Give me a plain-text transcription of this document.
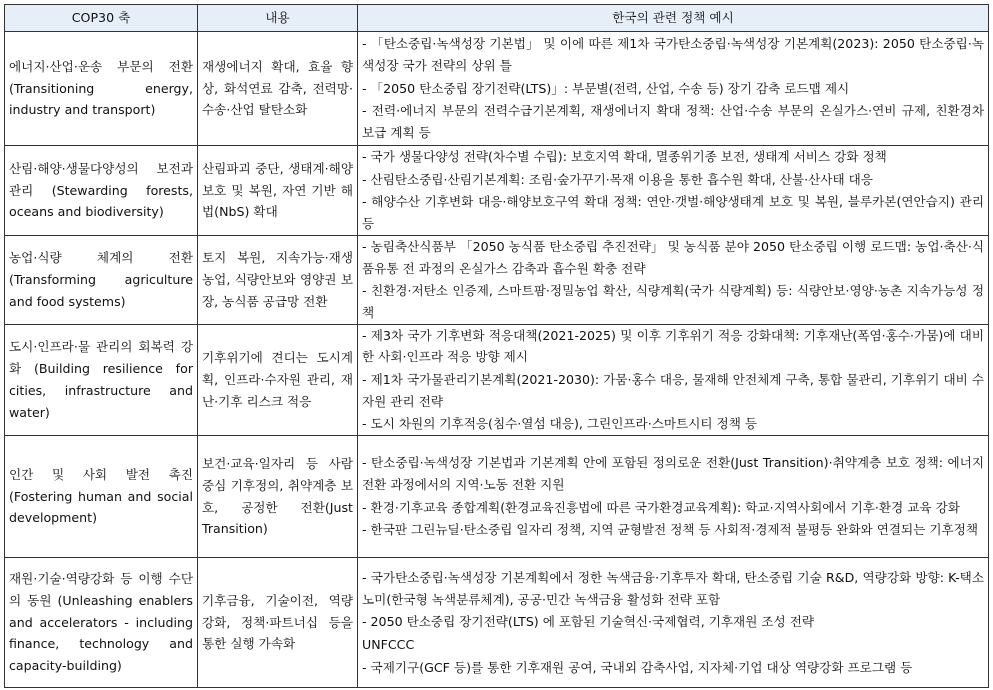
COP30 축	내용	한국의 관련 정책 예시
에너지·산업·운송 부문의 전환(Transitioning energy, industry and transport)	재생에너지 확대, 효율 향상, 화석연료 감축, 전력망·수송·산업 탈탄소화	- 「탄소중립·녹색성장 기본법」 및 이에 따른 제1차 국가탄소중립·녹색성장 기본계획(2023): 2050 탄소중립·녹색성장 국가 전략의 상위 틀

- 「2050 탄소중립 장기전략(LTS)」: 부문별(전력, 산업, 수송 등) 장기 감축 로드맵 제시

- 전력·에너지 부문의 전력수급기본계획, 재생에너지 확대 정책: 산업·수송 부문의 온실가스·연비 규제, 친환경차 보급 계획 등

산림·해양·생물다양성의 보전과 관리 (Stewarding forests, oceans and biodiversity)	산림파괴 중단, 생태계·해양 보호 및 복원, 자연 기반 해법(NbS) 확대	- 국가 생물다양성 전략(차수별 수립): 보호지역 확대, 멸종위기종 보전, 생태계 서비스 강화 정책

- 산림탄소중립·산림기본계획: 조림·숲가꾸기·목재 이용을 통한 흡수원 확대, 산불·산사태 대응

- 해양수산 기후변화 대응·해양보호구역 확대 정책: 연안·갯벌·해양생태계 보호 및 복원, 블루카본(연안습지) 관리 등

농업·식량 체계의 전환 (Transforming agriculture and food systems)	토지 복원, 지속가능·재생 농업, 식량안보와 영양권 보장, 농식품 공급망 전환	- 농림축산식품부 「2050 농식품 탄소중립 추진전략」 및 농식품 분야 2050 탄소중립 이행 로드맵: 농업·축산·식품유통 전 과정의 온실가스 감축과 흡수원 확충 전략

- 친환경·저탄소 인증제, 스마트팜·정밀농업 확산, 식량계획(국가 식량계획) 등: 식량안보·영양·농촌 지속가능성 정책

도시·인프라·물 관리의 회복력 강화 (Building resilience for cities, infrastructure and water)	기후위기에 견디는 도시계획, 인프라·수자원 관리, 재난·기후 리스크 적응	- 제3차 국가 기후변화 적응대책(2021-2025) 및 이후 기후위기 적응 강화대책: 기후재난(폭염·홍수·가뭄)에 대비한 사회·인프라 적응 방향 제시

- 제1차 국가물관리기본계획(2021-2030): 가뭄·홍수 대응, 물재해 안전체계 구축, 통합 물관리, 기후위기 대비 수자원 관리 전략

- 도시 차원의 기후적응(침수·열섬 대응), 그린인프라·스마트시티 정책 등

인간 및 사회 발전 촉진 (Fostering human and social development)	보건·교육·일자리 등 사람 중심 기후정의, 취약계층 보호, 공정한 전환(Just Transition)	- 탄소중립·녹색성장 기본법과 기본계획 안에 포함된 정의로운 전환(Just Transition)·취약계층 보호 정책: 에너지 전환 과정에서의 지역·노동 전환 지원

- 환경·기후교육 종합계획(환경교육진흥법에 따른 국가환경교육계획): 학교·지역사회에서 기후·환경 교육 강화

- 한국판 그린뉴딜·탄소중립 일자리 정책, 지역 균형발전 정책 등 사회적·경제적 불평등 완화와 연결되는 기후정책

재원·기술·역량강화 등 이행 수단의 동원 (Unleashing enablers and accelerators - including finance, technology and capacity-building)	기후금융, 기술이전, 역량 강화, 정책·파트너십 등을 통한 실행 가속화	- 국가탄소중립·녹색성장 기본계획에서 정한 녹색금융·기후투자 확대, 탄소중립 기술 R&D, 역량강화 방향: K-택소노미(한국형 녹색분류체계), 공공·민간 녹색금융 활성화 전략 포함

- 2050 탄소중립 장기전략(LTS) 에 포함된 기술혁신·국제협력, 기후재원 조성 전략

UNFCCC

- 국제기구(GCF 등)를 통한 기후재원 공여, 국내외 감축사업, 지자체·기업 대상 역량강화 프로그램 등
